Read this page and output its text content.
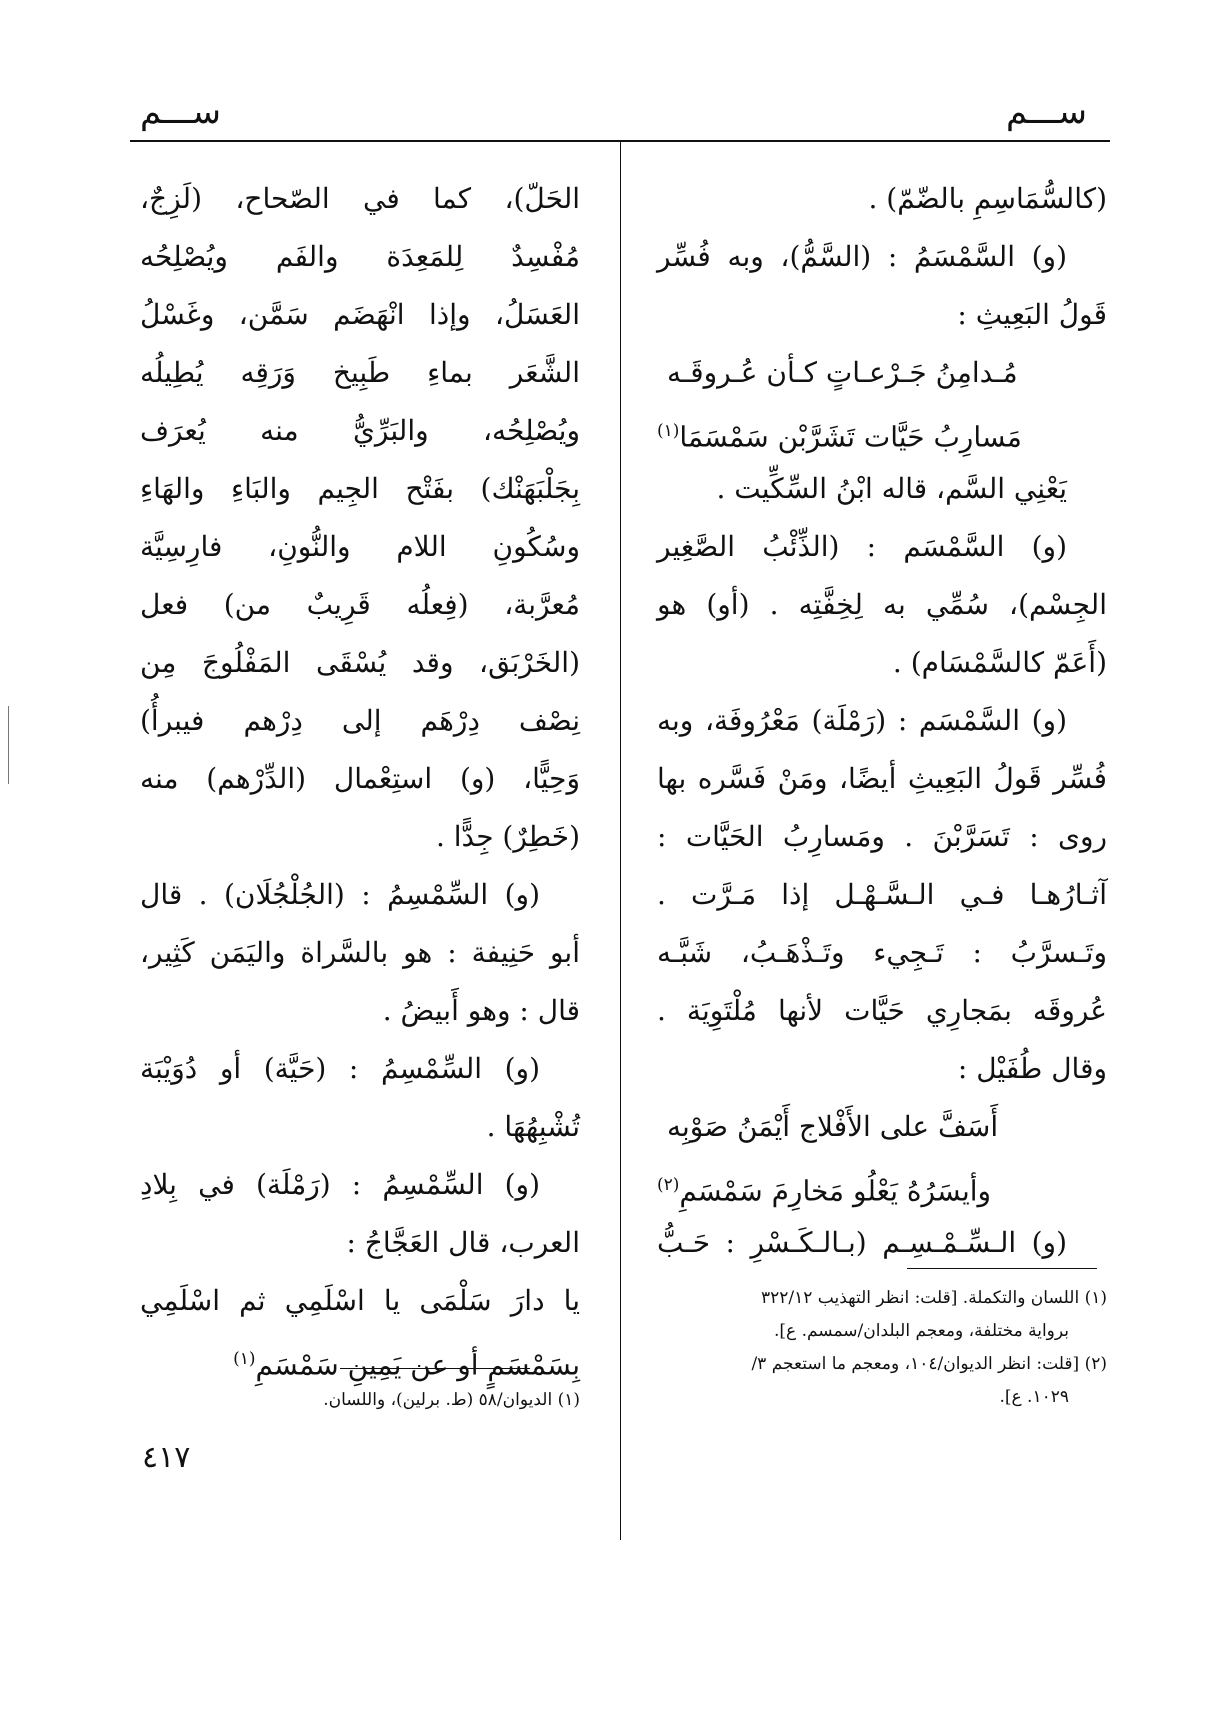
ســـم
ســـم
(كالسُّمَاسِمِ بالضّمّ) .
(و) السَّمْسَمُ : (السَّمُّ)، وبه فُسِّر
قَولُ البَعِيثِ :
مُـدامِنُ جَـرْعـاتٍ كـأن عُـروقَـه
مَسارِبُ حَيَّات تَشَرَّبْن سَمْسَمَا$^{(١)}$
يَعْنِي السَّم، قاله ابْنُ السِّكِّيت .
(و) السَّمْسَم : (الذِّئْبُ الصَّغِير
الجِسْم)، سُمِّي به لِخِفَّتِه . (أو) هو
(أَعَمّ كالسَّمْسَام) .
(و) السَّمْسَم : (رَمْلَة) مَعْرُوفَة، وبه
فُسِّر قَولُ البَعِيثِ أيضًا، ومَنْ فَسَّره بها
روى : تَسَرَّبْنَ . ومَسارِبُ الحَيَّات :
آثـارُهـا فـي الـسَّـهْـل إذا مَـرَّت .
وتَـسرَّبُ : تَـجِيء وتَـذْهَـبُ، شَبَّـه
عُروقَه بمَجارِي حَيَّات لأنها مُلْتَوِيَة .
وقال طُفَيْل :
أَسَفَّ على الأَفْلاج أَيْمَنُ صَوْبِه
وأيسَرُهُ يَعْلُو مَخارِمَ سَمْسَمِ$^{(٢)}$
(و) الـسِّـمْـسِـم (بـالـكَـسْرِ : حَـبُّ
الحَلّ)، كما في الصّحاح، (لَزِجٌ،
مُفْسِدٌ لِلمَعِدَة والفَم ويُصْلِحُه
العَسَلُ، وإذا انْهَضَم سَمَّن، وغَسْلُ
الشَّعَر بماءِ طَبِيخ وَرَقِه يُطِيلُه
ويُصْلِحُه، والبَرِّيُّ منه يُعرَف
بِجَلْبَهَنْك) بفَتْح الجِيم والبَاءِ والهَاءِ
وسُكُونِ اللام والنُّونِ، فارِسِيَّة
مُعرَّبة، (فِعلُه قَرِيبٌ من) فعل
(الخَرْبَق، وقد يُسْقَى المَفْلُوجَ مِن
نِصْف دِرْهَم إلى دِرْهم فيبرأُ)
وَحِيًّا، (و) استِعْمال (الدِّرْهم) منه
(خَطِرٌ) جِدًّا .
(و) السِّمْسِمُ : (الجُلْجُلَان) . قال
أبو حَنِيفة : هو بالسَّراة واليَمَن كَثِير،
قال : وهو أَبيضُ .
(و) السِّمْسِمُ : (حَيَّة) أو دُوَيْبَة
تُشْبِهُهَا .
(و) السِّمْسِمُ : (رَمْلَة) في بِلادِ
العرب، قال العَجَّاجُ :
يا دارَ سَلْمَى يا اسْلَمِي ثم اسْلَمِي
بِسَمْسَمٍ أو عن يَمِينِ سَمْسَمِ$^{(١)}$

(١) اللسان والتكملة. [قلت: انظر التهذيب ٣٢٢/١٢

برواية مختلفة، ومعجم البلدان/سمسم. ع].

(٢) [قلت: انظر الديوان/١٠٤، ومعجم ما استعجم ٣/

١٠٢٩. ع].

(١) الديوان/٥٨ (ط. برلين)، واللسان.

٤١٧
